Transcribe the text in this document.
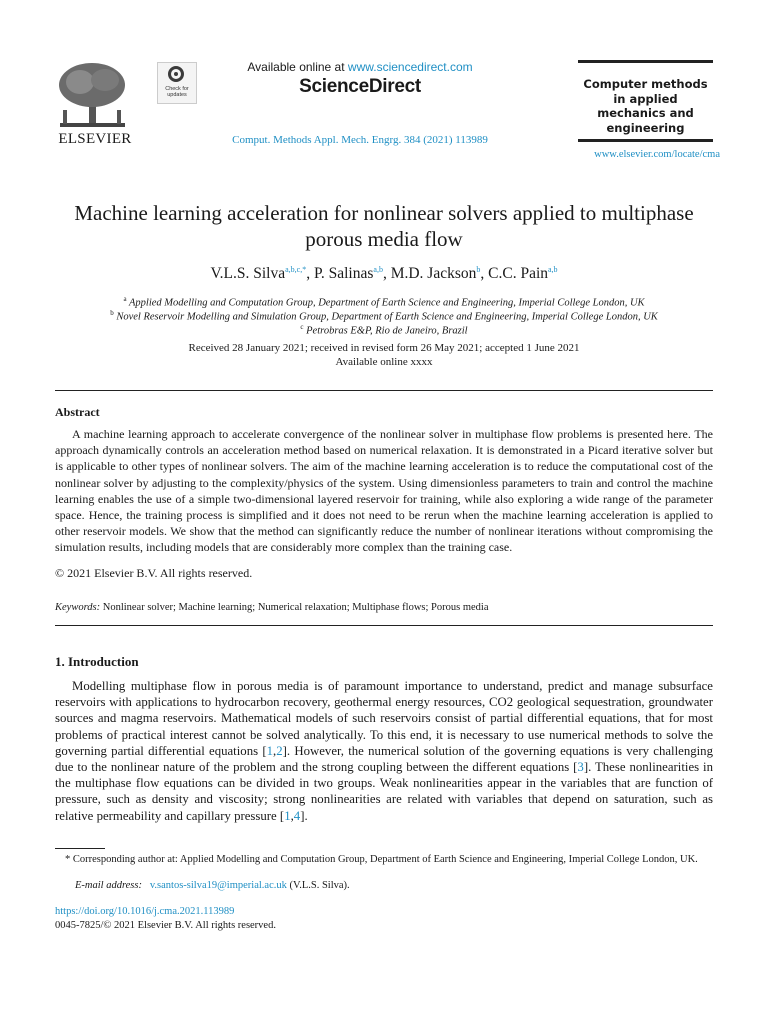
ELSEVIER
Check for updates
Available online at www.sciencedirect.com
ScienceDirect
Comput. Methods Appl. Mech. Engrg. 384 (2021) 113989
Computer methods in applied mechanics and engineering
www.elsevier.com/locate/cma
Machine learning acceleration for nonlinear solvers applied to multiphase porous media flow
V.L.S. Silva$^{a,b,c,*}$, P. Salinas$^{a,b}$, M.D. Jackson$^b$, C.C. Pain$^{a,b}$
$^a$ Applied Modelling and Computation Group, Department of Earth Science and Engineering, Imperial College London, UK
$^b$ Novel Reservoir Modelling and Simulation Group, Department of Earth Science and Engineering, Imperial College London, UK
$^c$ Petrobras E&P, Rio de Janeiro, Brazil
Received 28 January 2021; received in revised form 26 May 2021; accepted 1 June 2021
Available online xxxx
Abstract
A machine learning approach to accelerate convergence of the nonlinear solver in multiphase flow problems is presented here. The approach dynamically controls an acceleration method based on numerical relaxation. It is demonstrated in a Picard iterative solver but is applicable to other types of nonlinear solvers. The aim of the machine learning acceleration is to reduce the computational cost of the nonlinear solver by adjusting to the complexity/physics of the system. Using dimensionless parameters to train and control the machine learning enables the use of a simple two-dimensional layered reservoir for training, while also exploring a wide range of the parameter space. Hence, the training process is simplified and it does not need to be rerun when the machine learning acceleration is applied to other reservoir models. We show that the method can significantly reduce the number of nonlinear iterations without compromising the simulation results, including models that are considerably more complex than the training case.
© 2021 Elsevier B.V. All rights reserved.
Keywords: Nonlinear solver; Machine learning; Numerical relaxation; Multiphase flows; Porous media
1. Introduction
Modelling multiphase flow in porous media is of paramount importance to understand, predict and manage subsurface reservoirs with applications to hydrocarbon recovery, geothermal energy resources, CO2 geological sequestration, groundwater sources and magma reservoirs. Mathematical models of such reservoirs consist of partial differential equations, that for most problems of practical interest cannot be solved analytically. To this end, it is necessary to use numerical methods to solve the governing partial differential equations [1,2]. However, the numerical solution of the governing equations is very challenging due to the nonlinear nature of the problem and the strong coupling between the different equations [3]. These nonlinearities in the multiphase flow equations can be divided in two groups. Weak nonlinearities appear in the variables that are function of pressure, such as density and viscosity; strong nonlinearities are related with variables that depend on saturation, such as relative permeability and capillary pressure [1,4].
* Corresponding author at: Applied Modelling and Computation Group, Department of Earth Science and Engineering, Imperial College London, UK.
E-mail address: v.santos-silva19@imperial.ac.uk (V.L.S. Silva).
https://doi.org/10.1016/j.cma.2021.113989
0045-7825/© 2021 Elsevier B.V. All rights reserved.
